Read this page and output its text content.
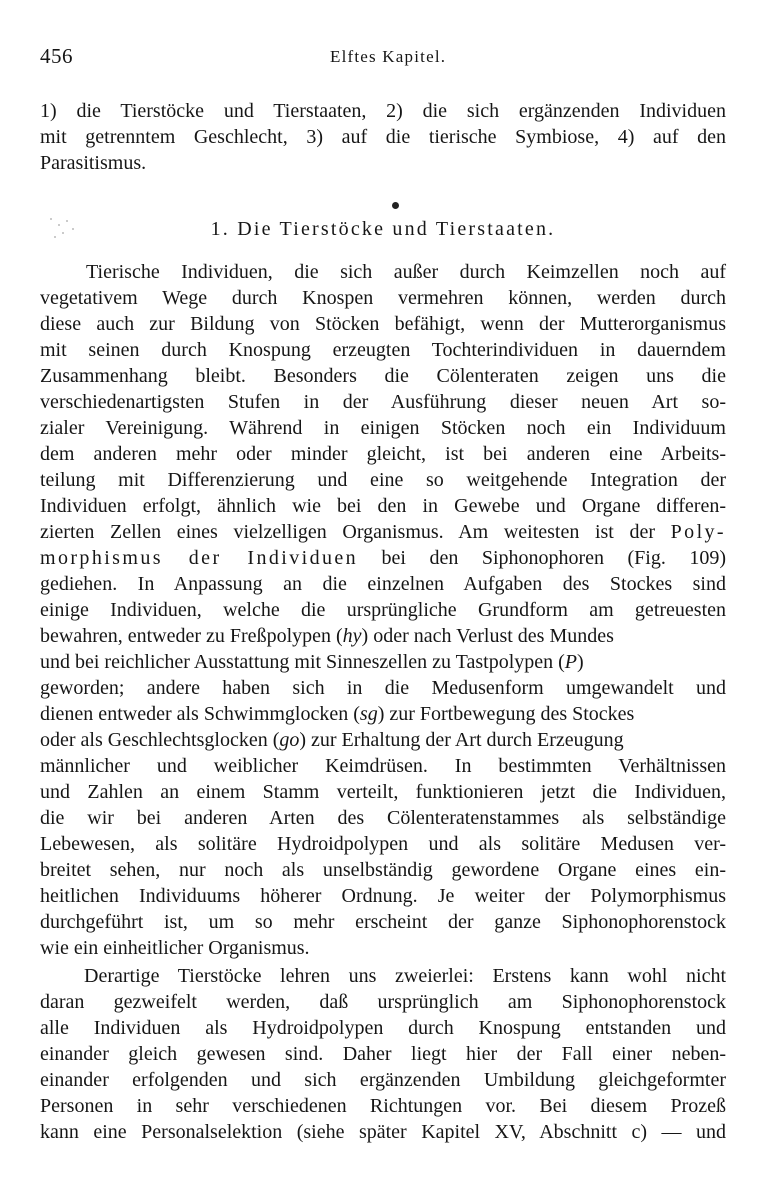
456	Elftes Kapitel.
1) die Tierstöcke und Tierstaaten, 2) die sich ergänzenden Individuen
mit getrenntem Geschlecht, 3) auf die tierische Symbiose, 4) auf den
Parasitismus.
1. Die Tierstöcke und Tierstaaten.
Tierische Individuen, die sich außer durch Keimzellen noch auf
vegetativem Wege durch Knospen vermehren können, werden durch
diese auch zur Bildung von Stöcken befähigt, wenn der Mutterorganismus
mit seinen durch Knospung erzeugten Tochterindividuen in dauerndem
Zusammenhang bleibt. Besonders die Cölenteraten zeigen uns die
verschiedenartigsten Stufen in der Ausführung dieser neuen Art so-
zialer Vereinigung. Während in einigen Stöcken noch ein Individuum
dem anderen mehr oder minder gleicht, ist bei anderen eine Arbeits-
teilung mit Differenzierung und eine so weitgehende Integration der
Individuen erfolgt, ähnlich wie bei den in Gewebe und Organe differen-
zierten Zellen eines vielzelligen Organismus. Am weitesten ist der Poly-
morphismus der Individuen bei den Siphonophoren (Fig. 109)
gediehen. In Anpassung an die einzelnen Aufgaben des Stockes sind
einige Individuen, welche die ursprüngliche Grundform am getreuesten
bewahren, entweder zu Freßpolypen (hy) oder nach Verlust des Mundes
und bei reichlicher Ausstattung mit Sinneszellen zu Tastpolypen (P)
geworden; andere haben sich in die Medusenform umgewandelt und
dienen entweder als Schwimmglocken (sg) zur Fortbewegung des Stockes
oder als Geschlechtsglocken (go) zur Erhaltung der Art durch Erzeugung
männlicher und weiblicher Keimdrüsen. In bestimmten Verhältnissen
und Zahlen an einem Stamm verteilt, funktionieren jetzt die Individuen,
die wir bei anderen Arten des Cölenteratenstammes als selbständige
Lebewesen, als solitäre Hydroidpolypen und als solitäre Medusen ver-
breitet sehen, nur noch als unselbständig gewordene Organe eines ein-
heitlichen Individuums höherer Ordnung. Je weiter der Polymorphismus
durchgeführt ist, um so mehr erscheint der ganze Siphonophorenstock
wie ein einheitlicher Organismus.
Derartige Tierstöcke lehren uns zweierlei: Erstens kann wohl nicht
daran gezweifelt werden, daß ursprünglich am Siphonophorenstock
alle Individuen als Hydroidpolypen durch Knospung entstanden und
einander gleich gewesen sind. Daher liegt hier der Fall einer neben-
einander erfolgenden und sich ergänzenden Umbildung gleichgeformter
Personen in sehr verschiedenen Richtungen vor. Bei diesem Prozeß
kann eine Personalselektion (siehe später Kapitel XV, Abschnitt c) — und
